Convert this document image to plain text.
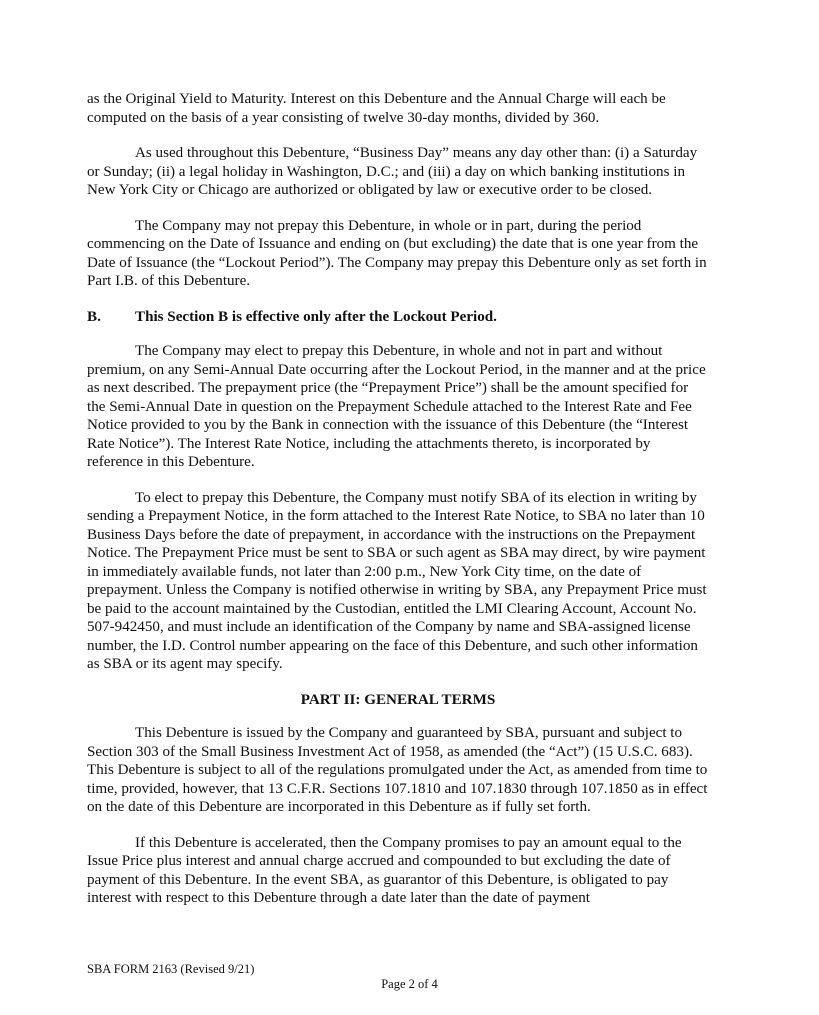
as the Original Yield to Maturity. Interest on this Debenture and the Annual Charge will each be computed on the basis of a year consisting of twelve 30-day months, divided by 360.

As used throughout this Debenture, “Business Day” means any day other than: (i) a Saturday or Sunday; (ii) a legal holiday in Washington, D.C.; and (iii) a day on which banking institutions in New York City or Chicago are authorized or obligated by law or executive order to be closed.

The Company may not prepay this Debenture, in whole or in part, during the period commencing on the Date of Issuance and ending on (but excluding) the date that is one year from the Date of Issuance (the “Lockout Period”). The Company may prepay this Debenture only as set forth in Part I.B. of this Debenture.

B.	This Section B is effective only after the Lockout Period.

The Company may elect to prepay this Debenture, in whole and not in part and without premium, on any Semi-Annual Date occurring after the Lockout Period, in the manner and at the price as next described. The prepayment price (the “Prepayment Price”) shall be the amount specified for the Semi-Annual Date in question on the Prepayment Schedule attached to the Interest Rate and Fee Notice provided to you by the Bank in connection with the issuance of this Debenture (the “Interest Rate Notice”). The Interest Rate Notice, including the attachments thereto, is incorporated by reference in this Debenture.

To elect to prepay this Debenture, the Company must notify SBA of its election in writing by sending a Prepayment Notice, in the form attached to the Interest Rate Notice, to SBA no later than 10 Business Days before the date of prepayment, in accordance with the instructions on the Prepayment Notice. The Prepayment Price must be sent to SBA or such agent as SBA may direct, by wire payment in immediately available funds, not later than 2:00 p.m., New York City time, on the date of prepayment. Unless the Company is notified otherwise in writing by SBA, any Prepayment Price must be paid to the account maintained by the Custodian, entitled the LMI Clearing Account, Account No. 507-942450, and must include an identification of the Company by name and SBA-assigned license number, the I.D. Control number appearing on the face of this Debenture, and such other information as SBA or its agent may specify.

PART II: GENERAL TERMS

This Debenture is issued by the Company and guaranteed by SBA, pursuant and subject to Section 303 of the Small Business Investment Act of 1958, as amended (the “Act”) (15 U.S.C. 683). This Debenture is subject to all of the regulations promulgated under the Act, as amended from time to time, provided, however, that 13 C.F.R. Sections 107.1810 and 107.1830 through 107.1850 as in effect on the date of this Debenture are incorporated in this Debenture as if fully set forth.

If this Debenture is accelerated, then the Company promises to pay an amount equal to the Issue Price plus interest and annual charge accrued and compounded to but excluding the date of payment of this Debenture. In the event SBA, as guarantor of this Debenture, is obligated to pay interest with respect to this Debenture through a date later than the date of payment

SBA FORM 2163 (Revised 9/21)
Page 2 of 4
